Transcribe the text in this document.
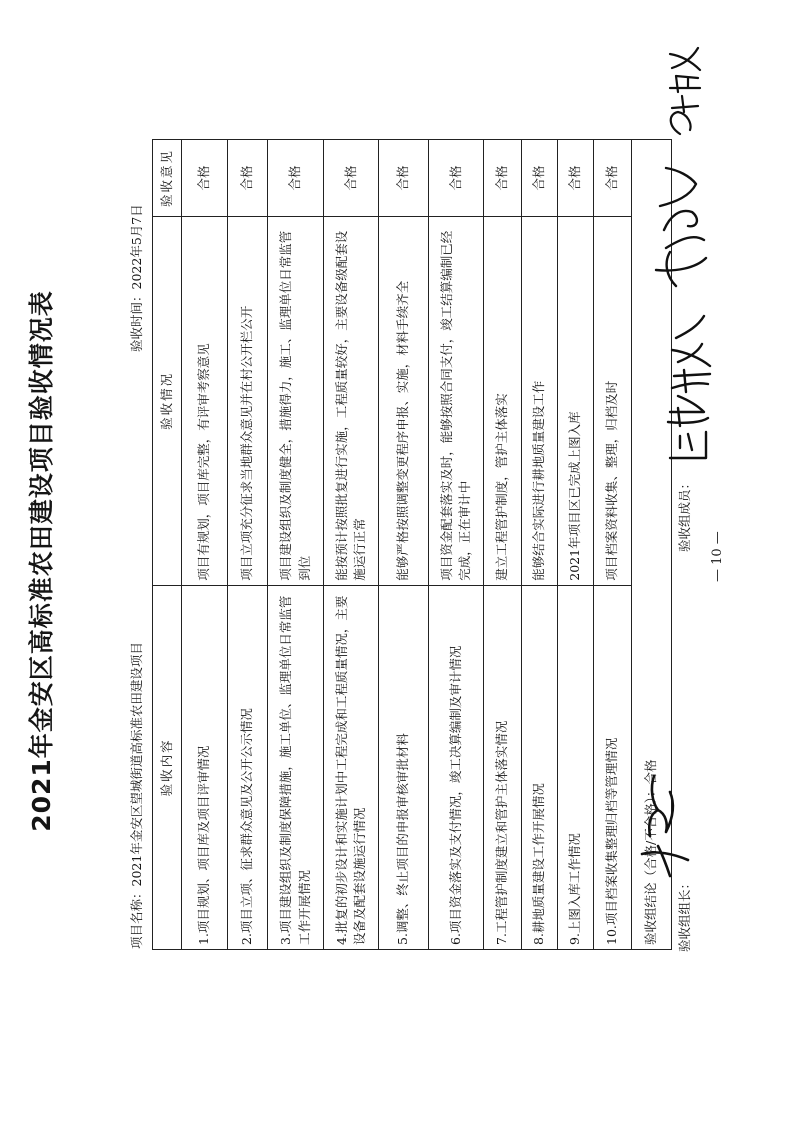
2021年金安区高标准农田建设项目验收情况表
项目名称：2021年金安区望城街道高标准农田建设项目
验收时间：2022年5月7日
验收内容	验收情况	验收意见
1.项目规划、项目库及项目评审情况	项目有规划，项目库完整，有评审考察意见	合格
2.项目立项、征求群众意见及公开公示情况	项目立项充分征求当地群众意见并在村公开栏公开	合格
3.项目建设组织及制度保障措施，施工单位、监理单位日常监管工作开展情况	项目建设组织及制度健全，措施得力，施工、监理单位日常监管到位	合格
4.批复的初步设计和实施计划中工程完成和工程质量情况，主要设备及配套设施运行情况	能按预计按照批复进行实施，工程质量较好，主要设备级配套设施运行正常	合格
5.调整、终止项目的申报审核审批材料	能够严格按照调整变更程序申报、实施，材料手续齐全	合格
6.项目资金落实及支付情况，竣工决算编制及审计情况	项目资金配套落实及时，能够按照合同支付，竣工结算编制已经完成，正在审计中	合格
7.工程管护制度建立和管护主体落实情况	建立工程管护制度，管护主体落实	合格
8.耕地质量建设工作开展情况	能够结合实际进行耕地质量建设工作	合格
9.上图入库工作情况	2021年项目区已完成上图入库	合格
10.项目档案收集整理归档等管理情况	项目档案资料收集、整理，归档及时	合格
验收组结论（合格/不合格）：合格		
验收组组长：
验收组成员：
— 10 —
